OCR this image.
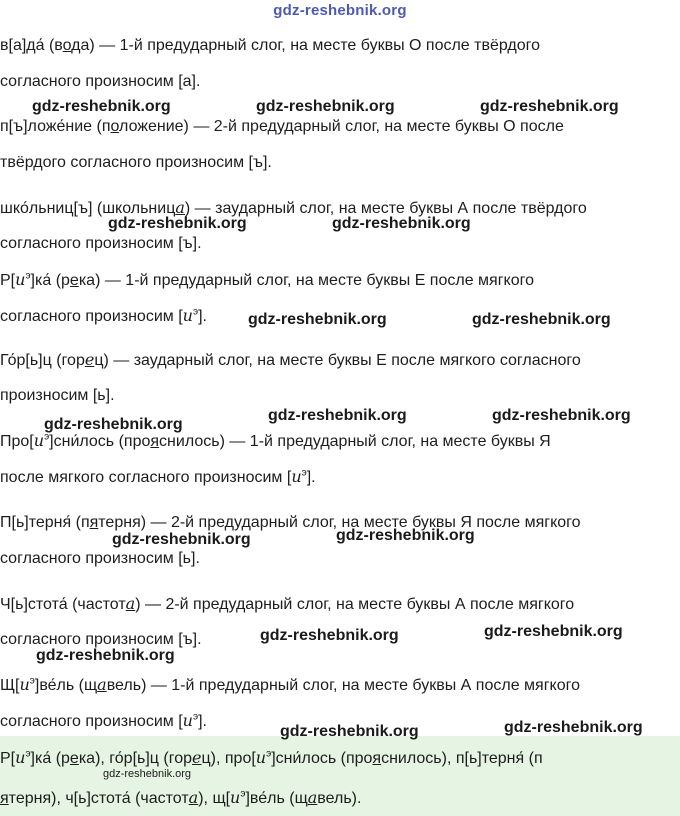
gdz-reshebnik.org
в[а]да́ (вода) — 1-й предударный слог, на месте буквы О после твёрдого
согласного произносим [а].
п[ъ]ложе́ние (положение) — 2-й предударный слог, на месте буквы О после
твёрдого согласного произносим [ъ].
шко́льниц[ъ] (школьница) — заударный слог, на месте буквы А после твёрдого
согласного произносим [ъ].
$Р[и^э]ка́$ (река) — 1-й предударный слог, на месте буквы Е после мягкого
согласного произносим $[и^э]$.
Го́р[ь]ц (горец) — заударный слог, на месте буквы Е после мягкого согласного
произносим [ь].
$Про[и^э]сни́лось$ (прояснилось) — 1-й предударный слог, на месте буквы Я
после мягкого согласного произносим $[и^э]$.
П[ь]терня́ (пятерня) — 2-й предударный слог, на месте буквы Я после мягкого
согласного произносим [ь].
Ч[ь]стота́ (частота) — 2-й предударный слог, на месте буквы А после мягкого
согласного произносим [ъ].
$Щ[и^э]ве́ль$ (щавель) — 1-й предударный слог, на месте буквы А после мягкого
согласного произносим $[и^э]$.
$Р[и^э]ка́$ (река), го́р[ь]ц (горец), $про[и^э]сни́лось$ (прояснилось), п[ь]терня́ (п
ятерня), ч[ь]стота́ (частота), $щ[и^э]ве́ль$ (щавель).
gdz-reshebnik.org	gdz-reshebnik.org	gdz-reshebnik.org
gdz-reshebnik.org	gdz-reshebnik.org
gdz-reshebnik.org	gdz-reshebnik.org
gdz-reshebnik.org
gdz-reshebnik.org	gdz-reshebnik.org
gdz-reshebnik.org	gdz-reshebnik.org
gdz-reshebnik.org	gdz-reshebnik.org
gdz-reshebnik.org
gdz-reshebnik.org	gdz-reshebnik.org
gdz-reshebnik.org
